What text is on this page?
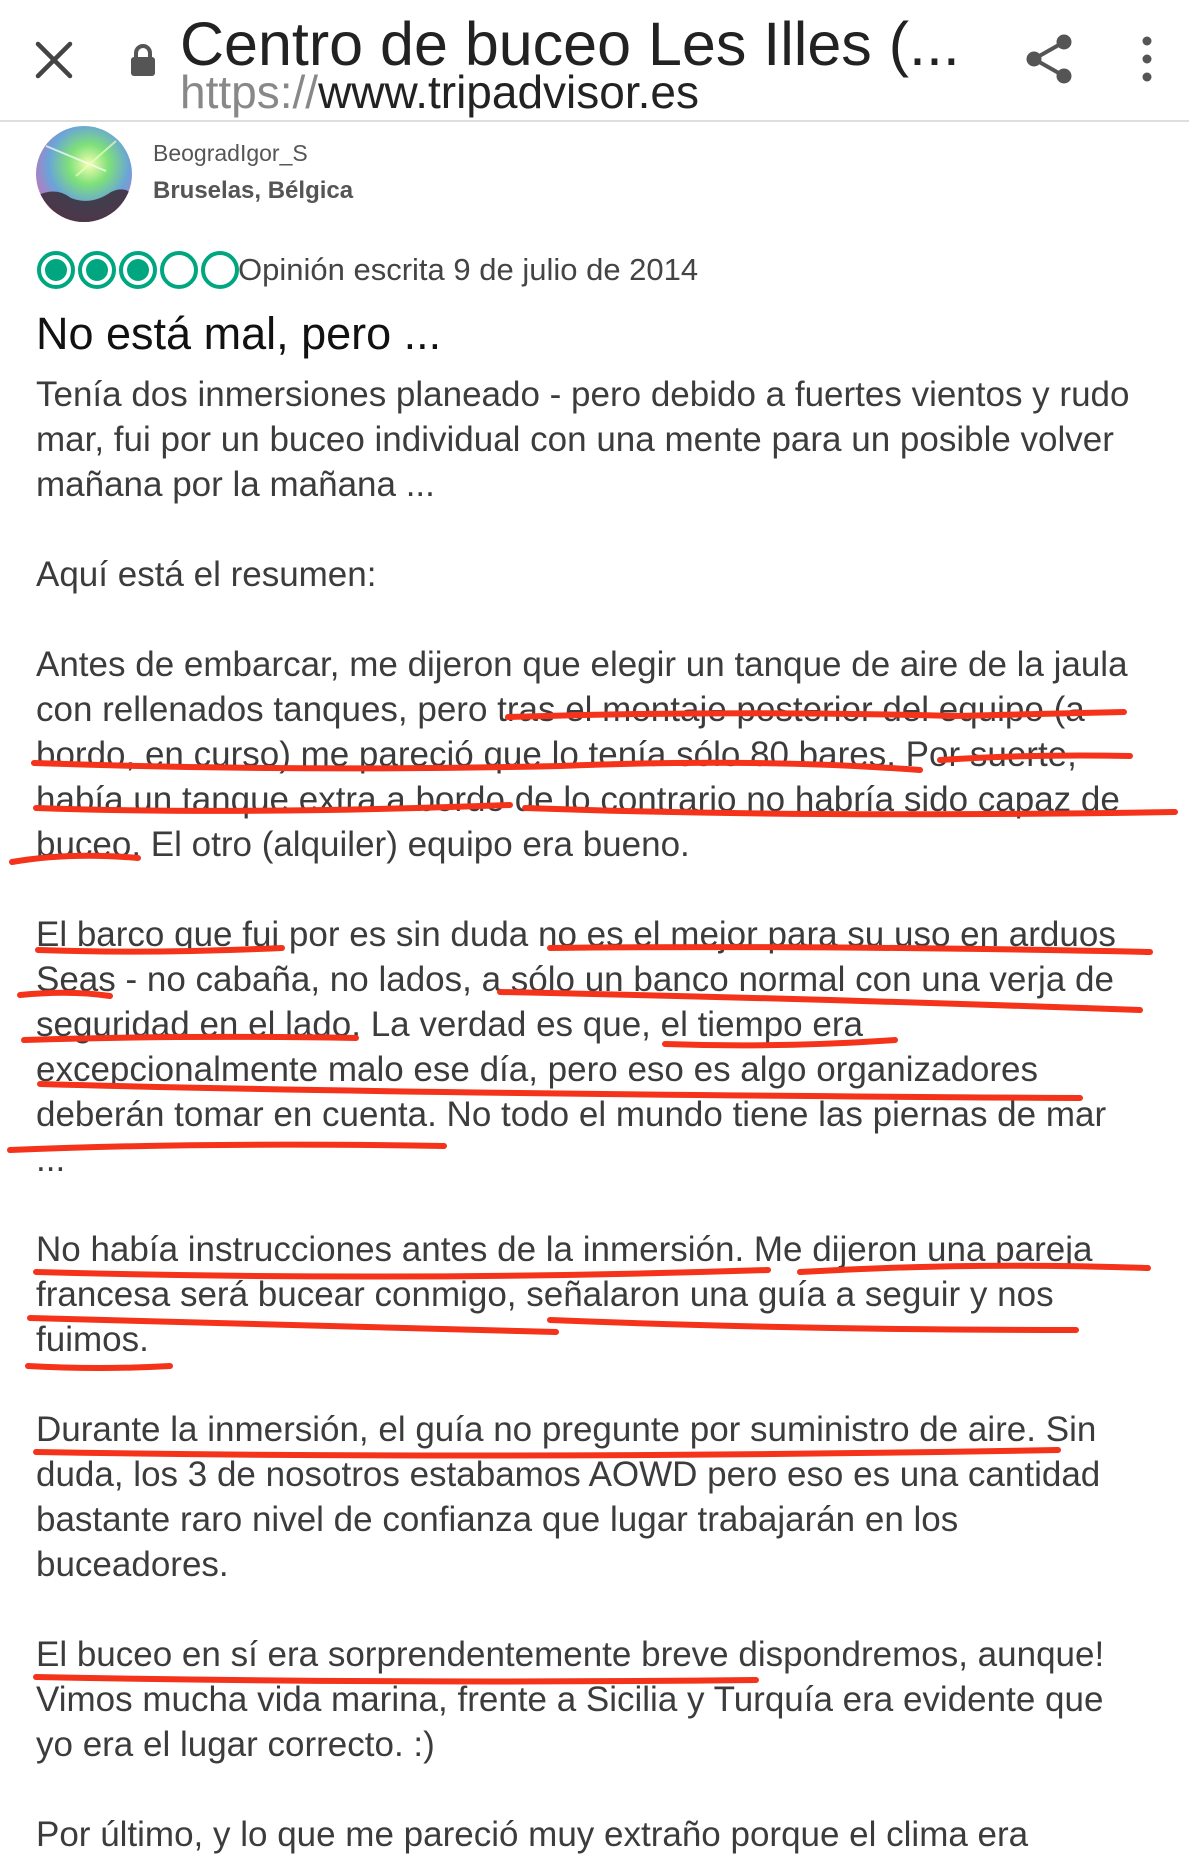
Centro de buceo Les Illes (...
https://www.tripadvisor.es
BeogradIgor_S
Bruselas, Bélgica
Opinión escrita 9 de julio de 2014
No está mal, pero ...

Tenía dos inmersiones planeado - pero debido a fuertes vientos y rudo

mar, fui por un buceo individual con una mente para un posible volver

mañana por la mañana ...

Aquí está el resumen:

Antes de embarcar, me dijeron que elegir un tanque de aire de la jaula

con rellenados tanques, pero tras el montaje posterior del equipo (a

bordo, en curso) me pareció que lo tenía sólo 80 bares. Por suerte,

había un tanque extra a bordo de lo contrario no habría sido capaz de

buceo. El otro (alquiler) equipo era bueno.

El barco que fui por es sin duda no es el mejor para su uso en arduos

Seas - no cabaña, no lados, a sólo un banco normal con una verja de

seguridad en el lado. La verdad es que, el tiempo era

excepcionalmente malo ese día, pero eso es algo organizadores

deberán tomar en cuenta. No todo el mundo tiene las piernas de mar

...

No había instrucciones antes de la inmersión. Me dijeron una pareja

francesa será bucear conmigo, señalaron una guía a seguir y nos

fuimos.

Durante la inmersión, el guía no pregunte por suministro de aire. Sin

duda, los 3 de nosotros estabamos AOWD pero eso es una cantidad

bastante raro nivel de confianza que lugar trabajarán en los

buceadores.

El buceo en sí era sorprendentemente breve dispondremos, aunque!

Vimos mucha vida marina, frente a Sicilia y Turquía era evidente que

yo era el lugar correcto. :)

Por último, y lo que me pareció muy extraño porque el clima era
